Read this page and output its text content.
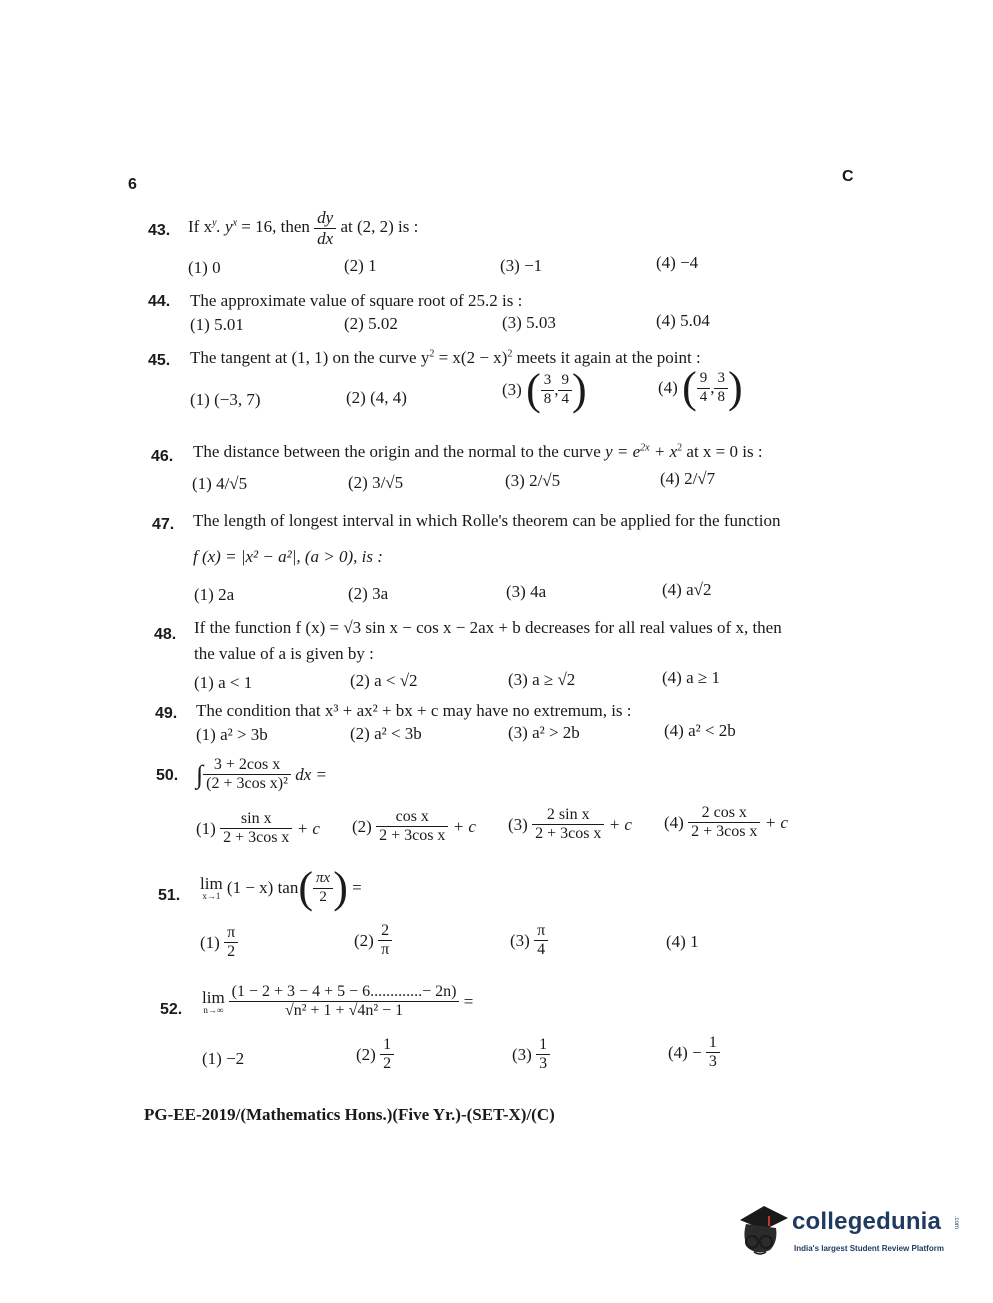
6	C
43. If $x^y$. $y^x = 16$, then $\frac{dy}{dx}$ at (2, 2) is :
(1) 0	(2) 1	(3) −1	(4) −4
44. The approximate value of square root of 25.2 is :
(1) 5.01	(2) 5.02	(3) 5.03	(4) 5.04
45. The tangent at (1, 1) on the curve $y^2 = x(2 - x)^2$ meets it again at the point :
(1) (−3, 7)	(2) (4, 4)	(3) ( $\frac{3}{8}$ , $\frac{9}{4}$ )	(4) ( $\frac{9}{4}$ , $\frac{3}{8}$ )
46. The distance between the origin and the normal to the curve $y = e^{2x} + x^2$ at x = 0 is :
(1) 4/√5	(2) 3/√5	(3) 2/√5	(4) 2/√7
47. The length of longest interval in which Rolle's theorem can be applied for the function
f (x) = |x² − a²|, (a > 0), is :
(1) 2a	(2) 3a	(3) 4a	(4) a√2
48. If the function f (x) = √3 sin x − cos x − 2ax + b decreases for all real values of x, then
the value of a is given by :
(1) a < 1	(2) a < √2	(3) a ≥ √2	(4) a ≥ 1
49. The condition that x³ + ax² + bx + c may have no extremum, is :
(1) a² > 3b	(2) a² < 3b	(3) a² > 2b	(4) a² < 2b
50. ∫ $\frac{\text{3 + 2cos x}}{\text{(2 + 3cos x)²}}$ dx =
$(1) \frac{\text{sin x}}{\text{2 + 3cos x}} + c$ $(2) \frac{\text{cos x}}{\text{2 + 3cos x}} + c$ $(3) \frac{\text{2 sin x}}{\text{2 + 3cos x}} + c$ $(4) \frac{\text{2 cos x}}{\text{2 + 3cos x}} + c$
51.
lim
x→1 (1 − x) $\tan( \frac{\pi x}{2}$ ) =
$(1) \frac{\pi}{2}$	$(2) \frac{2}{\pi}$	$(3) \frac{\pi}{4}$	(4) 1
52.
lim
$n\to\infty \frac{(1 - 2 + 3 - 4 + 5 - 6.............- 2n)}{\text{√n² + 1 + √4n² − 1}}$ =
(1) −2	$(2) \frac{1}{2}$	$(3) \frac{1}{3}$	$(4) - \frac{1}{3}$
PG-EE-2019/(Mathematics Hons.)(Five Yr.)-(SET-X)/(C)
collegedunia .com
India's largest Student Review Platform
